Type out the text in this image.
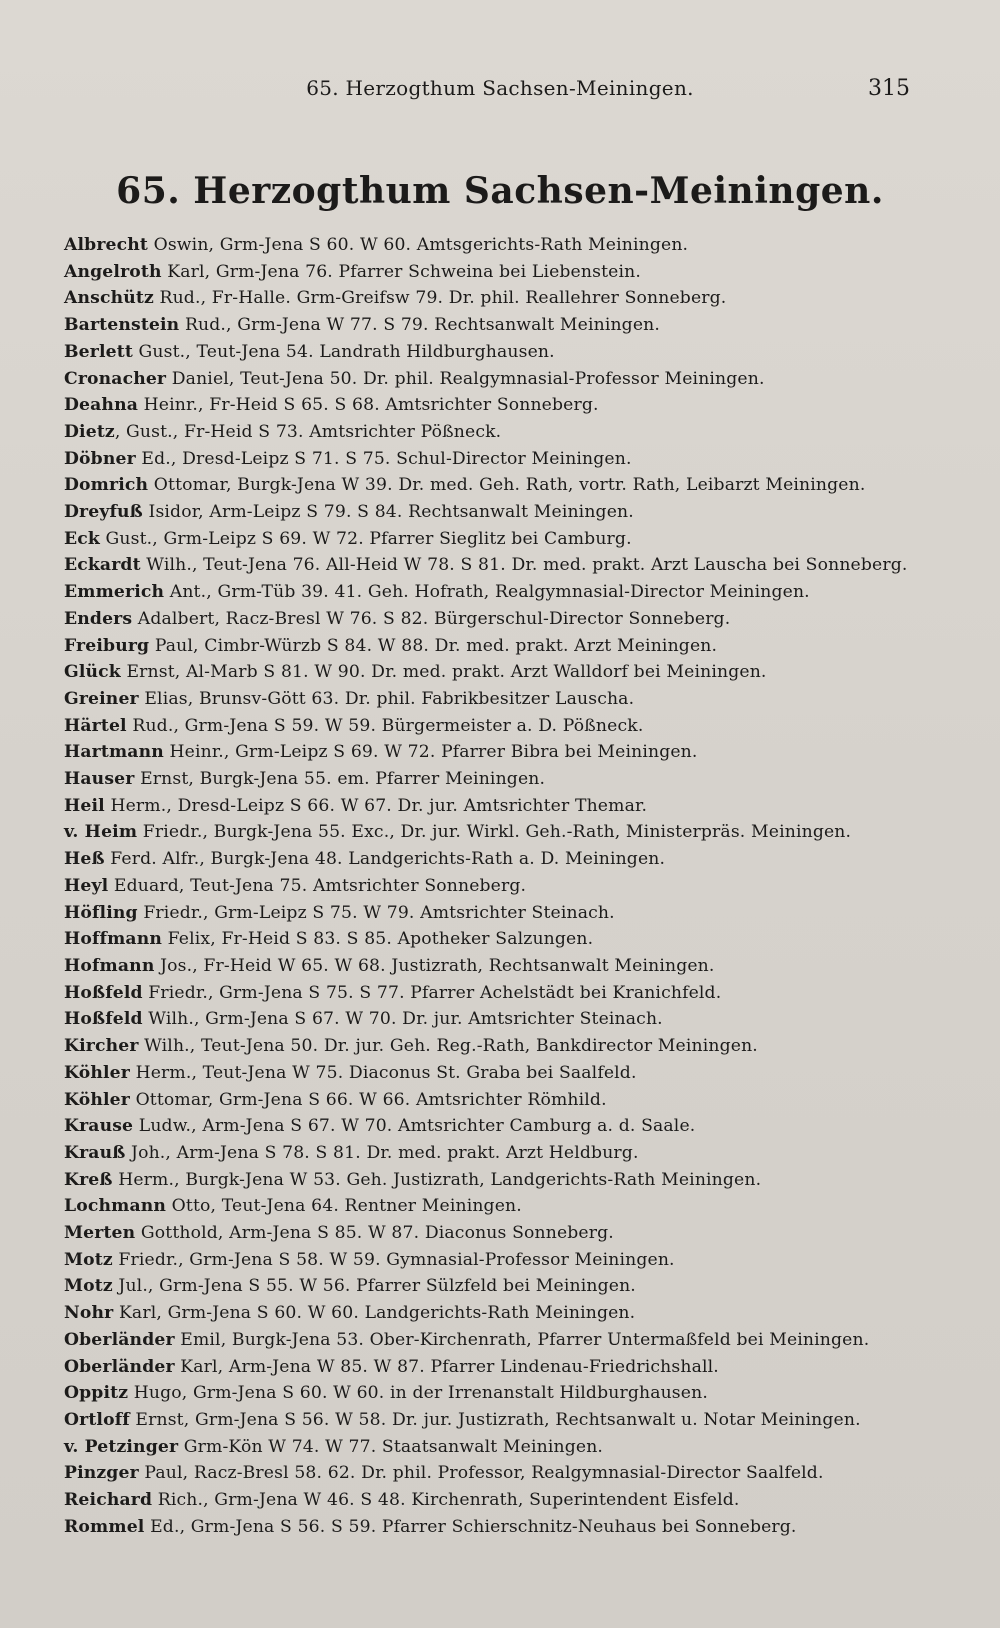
65. Herzogthum Sachsen-Meiningen.	315
65. Herzogthum Sachsen-Meiningen.
Albrecht Oswin, Grm-Jena S 60. W 60. Amtsgerichts-Rath Meiningen.
Angelroth Karl, Grm-Jena 76. Pfarrer Schweina bei Liebenstein.
Anschütz Rud., Fr-Halle. Grm-Greifsw 79. Dr. phil. Reallehrer Sonneberg.
Bartenstein Rud., Grm-Jena W 77. S 79. Rechtsanwalt Meiningen.
Berlett Gust., Teut-Jena 54. Landrath Hildburghausen.
Cronacher Daniel, Teut-Jena 50. Dr. phil. Realgymnasial-Professor Meiningen.
Deahna Heinr., Fr-Heid S 65. S 68. Amtsrichter Sonneberg.
Dietz, Gust., Fr-Heid S 73. Amtsrichter Pößneck.
Döbner Ed., Dresd-Leipz S 71. S 75. Schul-Director Meiningen.
Domrich Ottomar, Burgk-Jena W 39. Dr. med. Geh. Rath, vortr. Rath, Leibarzt Meiningen.
Dreyfuß Isidor, Arm-Leipz S 79. S 84. Rechtsanwalt Meiningen.
Eck Gust., Grm-Leipz S 69. W 72. Pfarrer Sieglitz bei Camburg.
Eckardt Wilh., Teut-Jena 76. All-Heid W 78. S 81. Dr. med. prakt. Arzt Lauscha bei Sonneberg.
Emmerich Ant., Grm-Tüb 39. 41. Geh. Hofrath, Realgymnasial-Director Meiningen.
Enders Adalbert, Racz-Bresl W 76. S 82. Bürgerschul-Director Sonneberg.
Freiburg Paul, Cimbr-Würzb S 84. W 88. Dr. med. prakt. Arzt Meiningen.
Glück Ernst, Al-Marb S 81. W 90. Dr. med. prakt. Arzt Walldorf bei Meiningen.
Greiner Elias, Brunsv-Gött 63. Dr. phil. Fabrikbesitzer Lauscha.
Härtel Rud., Grm-Jena S 59. W 59. Bürgermeister a. D. Pößneck.
Hartmann Heinr., Grm-Leipz S 69. W 72. Pfarrer Bibra bei Meiningen.
Hauser Ernst, Burgk-Jena 55. em. Pfarrer Meiningen.
Heil Herm., Dresd-Leipz S 66. W 67. Dr. jur. Amtsrichter Themar.
v. Heim Friedr., Burgk-Jena 55. Exc., Dr. jur. Wirkl. Geh.-Rath, Ministerpräs. Meiningen.
Heß Ferd. Alfr., Burgk-Jena 48. Landgerichts-Rath a. D. Meiningen.
Heyl Eduard, Teut-Jena 75. Amtsrichter Sonneberg.
Höfling Friedr., Grm-Leipz S 75. W 79. Amtsrichter Steinach.
Hoffmann Felix, Fr-Heid S 83. S 85. Apotheker Salzungen.
Hofmann Jos., Fr-Heid W 65. W 68. Justizrath, Rechtsanwalt Meiningen.
Hoßfeld Friedr., Grm-Jena S 75. S 77. Pfarrer Achelstädt bei Kranichfeld.
Hoßfeld Wilh., Grm-Jena S 67. W 70. Dr. jur. Amtsrichter Steinach.
Kircher Wilh., Teut-Jena 50. Dr. jur. Geh. Reg.-Rath, Bankdirector Meiningen.
Köhler Herm., Teut-Jena W 75. Diaconus St. Graba bei Saalfeld.
Köhler Ottomar, Grm-Jena S 66. W 66. Amtsrichter Römhild.
Krause Ludw., Arm-Jena S 67. W 70. Amtsrichter Camburg a. d. Saale.
Krauß Joh., Arm-Jena S 78. S 81. Dr. med. prakt. Arzt Heldburg.
Kreß Herm., Burgk-Jena W 53. Geh. Justizrath, Landgerichts-Rath Meiningen.
Lochmann Otto, Teut-Jena 64. Rentner Meiningen.
Merten Gotthold, Arm-Jena S 85. W 87. Diaconus Sonneberg.
Motz Friedr., Grm-Jena S 58. W 59. Gymnasial-Professor Meiningen.
Motz Jul., Grm-Jena S 55. W 56. Pfarrer Sülzfeld bei Meiningen.
Nohr Karl, Grm-Jena S 60. W 60. Landgerichts-Rath Meiningen.
Oberländer Emil, Burgk-Jena 53. Ober-Kirchenrath, Pfarrer Untermaßfeld bei Meiningen.
Oberländer Karl, Arm-Jena W 85. W 87. Pfarrer Lindenau-Friedrichshall.
Oppitz Hugo, Grm-Jena S 60. W 60. in der Irrenanstalt Hildburghausen.
Ortloff Ernst, Grm-Jena S 56. W 58. Dr. jur. Justizrath, Rechtsanwalt u. Notar Meiningen.
v. Petzinger Grm-Kön W 74. W 77. Staatsanwalt Meiningen.
Pinzger Paul, Racz-Bresl 58. 62. Dr. phil. Professor, Realgymnasial-Director Saalfeld.
Reichard Rich., Grm-Jena W 46. S 48. Kirchenrath, Superintendent Eisfeld.
Rommel Ed., Grm-Jena S 56. S 59. Pfarrer Schierschnitz-Neuhaus bei Sonneberg.
